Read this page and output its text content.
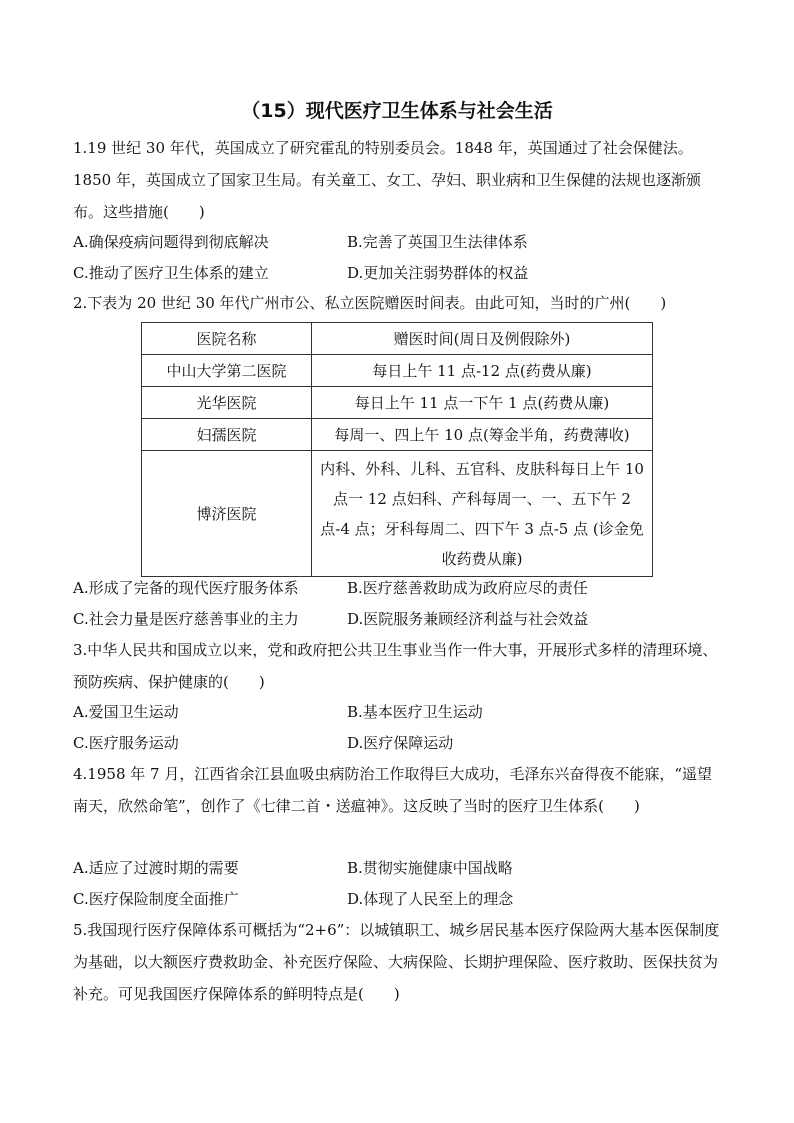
（15）现代医疗卫生体系与社会生活

1.19 世纪 30 年代，英国成立了研究霍乱的特别委员会。1848 年，英国通过了社会保健法。1850 年，英国成立了国家卫生局。有关童工、女工、孕妇、职业病和卫生保健的法规也逐渐颁布。这些措施(　　)

A.确保疫病问题得到彻底解决	B.完善了英国卫生法律体系
C.推动了医疗卫生体系的建立	D.更加关注弱势群体的权益

2.下表为 20 世纪 30 年代广州市公、私立医院赠医时间表。由此可知，当时的广州(　　)

医院名称	赠医时间(周日及例假除外)
中山大学第二医院	每日上午 11 点-12 点(药费从廉)
光华医院	每日上午 11 点一下午 1 点(药费从廉)
妇孺医院	每周一、四上午 10 点(筹金半角，药费薄收)
博济医院	内科、外科、儿科、五官科、皮肤科每日上午 10 点一 12 点妇科、产科每周一、一、五下午 2 点-4 点；牙科每周二、四下午 3 点-5 点 (诊金免收药费从廉)
A.形成了完备的现代医疗服务体系	B.医疗慈善救助成为政府应尽的责任
C.社会力量是医疗慈善事业的主力	D.医院服务兼顾经济利益与社会效益

3.中华人民共和国成立以来，党和政府把公共卫生事业当作一件大事，开展形式多样的清理环境、预防疾病、保护健康的(　　)

A.爱国卫生运动	B.基本医疗卫生运动
C.医疗服务运动	D.医疗保障运动

4.1958 年 7 月，江西省余江县血吸虫病防治工作取得巨大成功，毛泽东兴奋得夜不能寐，“遥望南天，欣然命笔”，创作了《七律二首・送瘟神》。这反映了当时的医疗卫生体系(　　)

A.适应了过渡时期的需要	B.贯彻实施健康中国战略
C.医疗保险制度全面推广	D.体现了人民至上的理念

5.我国现行医疗保障体系可概括为“2+6”：以城镇职工、城乡居民基本医疗保险两大基本医保制度为基础，以大额医疗费救助金、补充医疗保险、大病保险、长期护理保险、医疗救助、医保扶贫为补充。可见我国医疗保障体系的鲜明特点是(　　)
